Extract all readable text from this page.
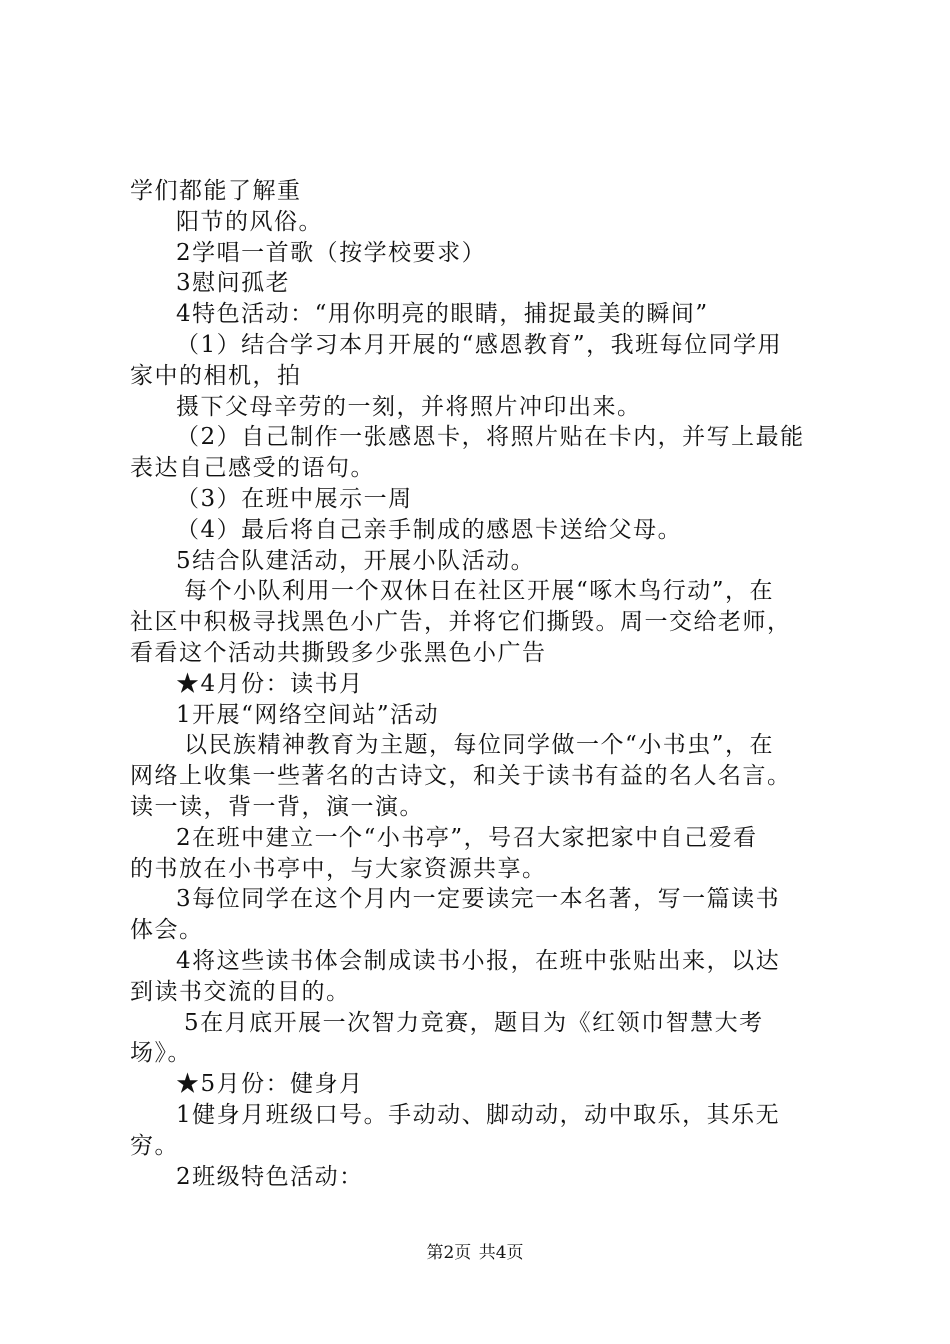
学们都能了解重
阳节的风俗。
2学唱一首歌（按学校要求）
3慰问孤老
4特色活动：“用你明亮的眼睛，捕捉最美的瞬间”
（1）结合学习本月开展的“感恩教育”，我班每位同学用
家中的相机，拍
摄下父母辛劳的一刻，并将照片冲印出来。
（2）自己制作一张感恩卡，将照片贴在卡内，并写上最能
表达自己感受的语句。
（3）在班中展示一周
（4）最后将自己亲手制成的感恩卡送给父母。
5结合队建活动，开展小队活动。
每个小队利用一个双休日在社区开展“啄木鸟行动”，在
社区中积极寻找黑色小广告，并将它们撕毁。周一交给老师，
看看这个活动共撕毁多少张黑色小广告
★4月份：读书月
1开展“网络空间站”活动
以民族精神教育为主题，每位同学做一个“小书虫”，在
网络上收集一些著名的古诗文，和关于读书有益的名人名言。
读一读，背一背，演一演。
2在班中建立一个“小书亭”，号召大家把家中自己爱看
的书放在小书亭中，与大家资源共享。
3每位同学在这个月内一定要读完一本名著，写一篇读书
体会。
4将这些读书体会制成读书小报，在班中张贴出来，以达
到读书交流的目的。
5在月底开展一次智力竞赛，题目为《红领巾智慧大考
场》。
★5月份：健身月
1健身月班级口号。手动动、脚动动，动中取乐，其乐无
穷。
2班级特色活动：
第2页 共4页
